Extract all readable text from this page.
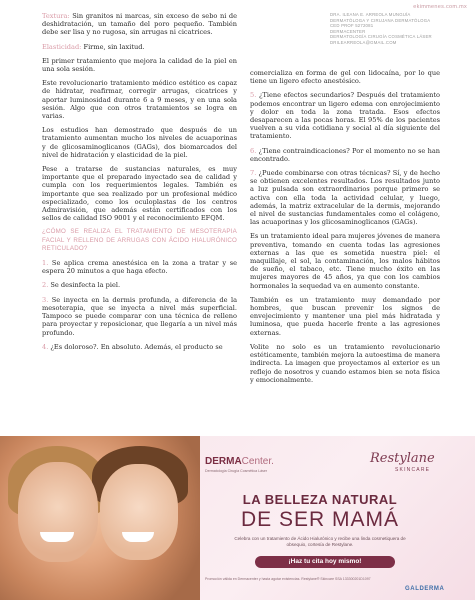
ekimmenes.com.mx

Textura: Sin granitos ni marcas, sin exceso de sebo ni de deshidratación, un tamaño del poro pequeño. También debe ser lisa y no rugosa, sin arrugas ni cicatrices.

Elasticidad: Firme, sin laxitud.

El primer tratamiento que mejora la calidad de la piel en una sola sesión.

Este revolucionario tratamiento médico estético es capaz de hidratar, reafirmar, corregir arrugas, cicatrices y aportar luminosidad durante 6 a 9 meses, y en una sola sesión. Algo que con otros tratamientos se logra en varias.

Los estudios han demostrado que después de un tratamiento aumentan mucho los niveles de acuaporinas y de glicosaminoglicanos (GAGs), dos biomarcados del nivel de hidratación y elasticidad de la piel.

Pese a tratarse de sustancias naturales, es muy importante que el preparado inyectado sea de calidad y cumpla con los requerimientos legales. También es importante que sea realizado por un profesional médico especializado, como los oculoplastas de los centros Admiravisión, que además están certificados con los sellos de calidad ISO 9001 y el reconocimiento EFQM.

¿CÓMO SE REALIZA EL TRATAMIENTO DE MESOTERAPIA FACIAL Y RELLENO DE ARRUGAS CON ÁCIDO HIALURÓNICO RETICULADO?

1. Se aplica crema anestésica en la zona a tratar y se espera 20 minutos a que haga efecto.

2. Se desinfecta la piel.

3. Se inyecta en la dermis profunda, a diferencia de la mesoterapia, que se inyecta a nivel más superficial. Tampoco se puede comparar con una técnica de relleno para proyectar y reposicionar, que llegaría a un nivel más profundo.

4. ¿Es doloroso?. En absoluto. Además, el producto se

DRA. ILEANA E. ARREOLA MUNGUÍA
DERMATÓLOGA Y CIRUJANA DERMATÓLOGA
CED PROF 5272081
DERMACENTER
DERMATOLOGÍA CIRUGÍA COSMÉTICA LÁSER
DRILEARREOLA@GMAIL.COM

comercializa en forma de gel con lidocaína, por lo que tiene un ligero efecto anestésico.

5. ¿Tiene efectos secundarios? Después del tratamiento podemos encontrar un ligero edema con enrojecimiento y dolor en toda la zona tratada. Esos efectos desaparecen a las pocas horas. El 95% de los pacientes vuelven a su vida cotidiana y social al día siguiente del tratamiento.

6. ¿Tiene contraindicaciones? Por el momento no se han encontrado.

7. ¿Puede combinarse con otras técnicas? Sí, y de hecho se obtienen excelentes resultados. Los resultados junto a luz pulsada son extraordinarios porque primero se activa con ella toda la actividad celular, y luego, además, la matriz extracelular de la dermis, mejorando el nivel de sustancias fundamentales como el colágeno, las acuaporinas y los glicosaminoglicanos (GAGs).

Es un tratamiento ideal para mujeres jóvenes de manera preventiva, tomando en cuenta todas las agresiones externas a las que es sometida nuestra piel: el maquillaje, el sol, la contaminación, los malos hábitos de sueño, el tabaco, etc. Tiene mucho éxito en las mujeres mayores de 45 años, ya que con los cambios hormonales la sequedad va en aumento constante.

También es un tratamiento muy demandado por hombres, que buscan prevenir los signos de envejecimiento y mantener una piel más hidratada y luminosa, que pueda hacerle frente a las agresiones externas.

Volite no solo es un tratamiento revolucionario estéticamente, también mejora la autoestima de manera indirecta. La imagen que proyectamos al exterior es un reflejo de nosotros y cuando estamos bien se nota física y emocionalmente.

DERMACenter.
Dermatología Cirugía Cosmética Láser
Restylane
SKINCARE
LA BELLEZA NATURAL
DE SER MAMÁ
Celebra con un tratamiento de Ácido Hialurónico y recibe una linda cosmetiquera de obsequio, cortesía de Restylane.
¡Haz tu cita hoy mismo!
Promoción válida en Dermacenter y hasta agotar existencias. Restylane® Skincare SSA 133300201D1097
GALDERMA
